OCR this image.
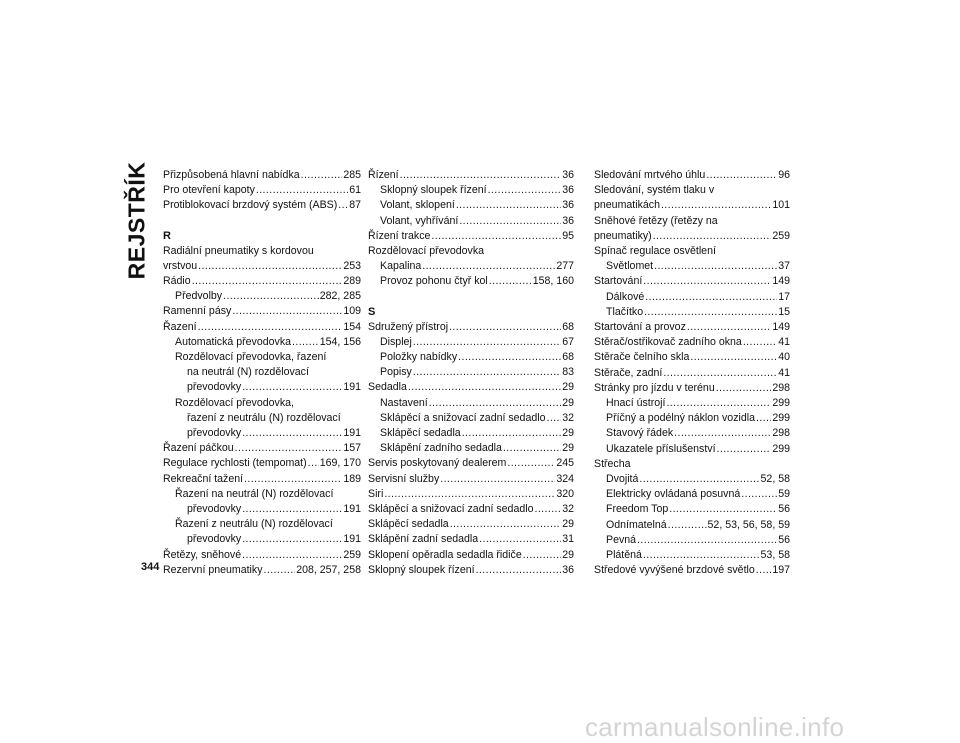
REJSTŘÍK Přizpůsobená hlavní nabídka .....	285
Pro otevření kapoty .....	61
Protiblokovací brzdový systém (ABS) ..... 87
R
Radiální pneumatiky s kordovou
vrstvou .....	253
Rádio .....	289
Předvolby .....	282, 285
Ramenní pásy .....	109
Řazení .....	154
Automatická převodovka .....	154, 156
Rozdělovací převodovka, řazení
na neutrál (N) rozdělovací
převodovky .....	191
Rozdělovací převodovka,
řazení z neutrálu (N) rozdělovací
převodovky .....	191
Řazení páčkou .....	157
Regulace rychlosti (tempomat) ..... 169, 170
Rekreační tažení .....	189
Řazení na neutrál (N) rozdělovací
převodovky .....	191
Řazení z neutrálu (N) rozdělovací
převodovky .....	191
Řetězy, sněhové .....	259
Rezervní pneumatiky .....	208, 257, 258
Řízení .....	36
Sklopný sloupek řízení .....	36
Volant, sklopení .....	36
Volant, vyhřívání .....	36
Řízení trakce .....	95
Rozdělovací převodovka
Kapalina .....	277
Provoz pohonu čtyř kol .....	158, 160
S
Sdružený přístroj .....	68
Displej .....	67
Položky nabídky .....	68
Popisy .....	83
Sedadla .....	29
Nastavení .....	29
Sklápěcí a snižovací zadní sedadlo ..... 32
Sklápěcí sedadla .....	29
Sklápění zadního sedadla .....	29
Servis poskytovaný dealerem .....	245
Servisní služby .....	324
Siri .....	320
Sklápěcí a snižovací zadní sedadlo .....	32
Sklápěcí sedadla .....	29
Sklápění zadní sedadla .....	31
Sklopení opěradla sedadla řidiče .....	29
Sklopný sloupek řízení .....	36
Sledování mrtvého úhlu .....	96
Sledování, systém tlaku v
pneumatikách .....	101
Sněhové řetězy (řetězy na
pneumatiky) .....	259
Spínač regulace osvětlení
Světlomet .....	37
Startování .....	149
Dálkové .....	17
Tlačítko .....	15
Startování a provoz .....	149
Stěrač/ostřikovač zadního okna .....	41
Stěrače čelního skla .....	40
Stěrače, zadní .....	41
Stránky pro jízdu v terénu .....	298
Hnací ústrojí .....	299
Příčný a podélný náklon vozidla ..... 299
Stavový řádek .....	298
Ukazatele příslušenství .....	299
Střecha
Dvojitá .....	52, 58
Elektricky ovládaná posuvná .....	59
Freedom Top .....	56
Odnímatelná .....	52, 53, 56, 58, 59
Pevná .....	56
Plátěná .....	53, 58
Středové vyvýšené brzdové světlo ..... 197
344
carmanualsonline.info
